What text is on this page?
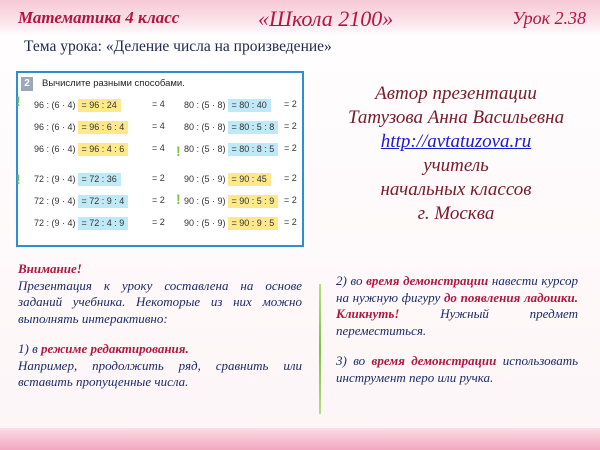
Математика 4 класс	«Школа 2100»	Урок 2.38
Тема урока: «Деление числа на произведение»
2	Вычислите разными способами.
96 : (6 · 4) = 96 : 24	= 4
96 : (6 · 4) = 96 : 6 : 4	= 4
96 : (6 · 4) = 96 : 4 : 6	= 4
72 : (9 · 4) = 72 : 36	= 2
72 : (9 · 4) = 72 : 9 : 4	= 2
72 : (9 · 4) = 72 : 4 : 9	= 2
80 : (5 · 8) = 80 : 40 = 2
80 : (5 · 8) = 80 : 5 : 8 = 2
80 : (5 · 8) = 80 : 8 : 5 = 2
90 : (5 · 9) = 90 : 45 = 2
90 : (5 · 9) = 90 : 5 : 9 = 2
90 : (5 · 9) = 90 : 9 : 5 = 2
!
!
!
!
Автор презентации
Татузова Анна Васильевна
http://avtatuzova.ru
учитель
начальных классов
г. Москва
Внимание!
Презентация к уроку составлена на основе заданий учебника. Некоторые из них можно выполнять интерактивно:
1) в режиме редактирования.
Например, продолжить ряд, сравнить или вставить пропущенные числа.
2) во время демонстрации навести курсор на нужную фигуру до появления ладошки. Кликнуть! Нужный предмет переместиться.
3) во время демонстрации использовать инструмент перо или ручка.
